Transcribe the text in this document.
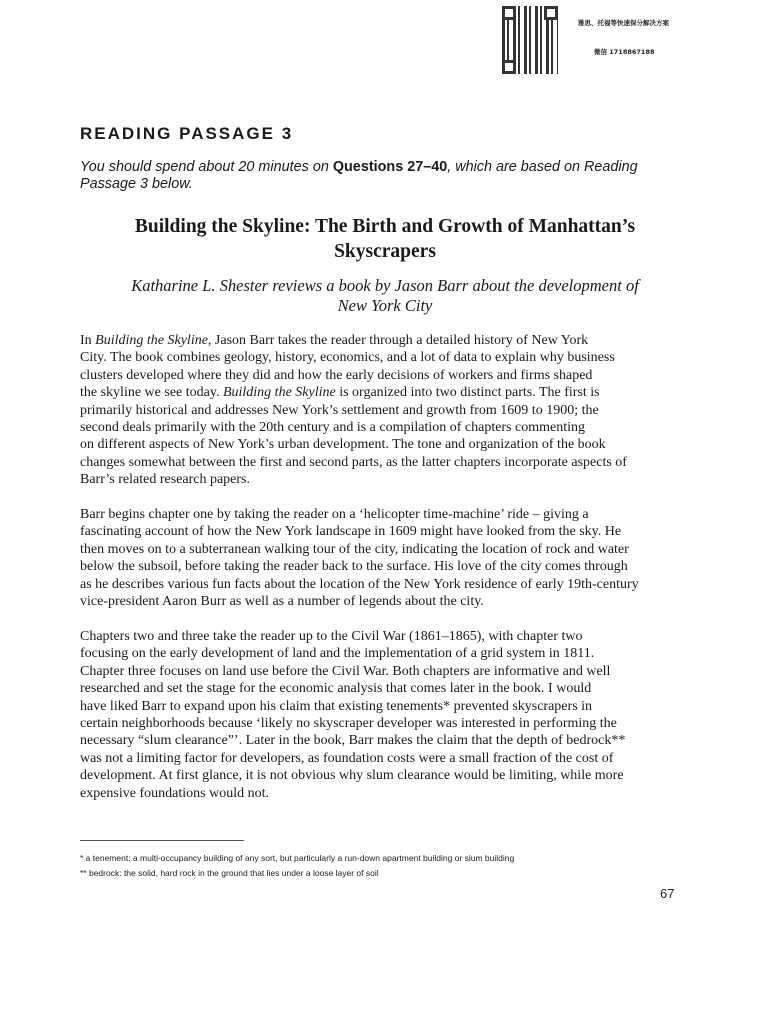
雅思、托福等快速保分解决方案
微信 1718867188
READING PASSAGE 3
You should spend about 20 minutes on Questions 27–40, which are based on Reading
Passage 3 below.
Building the Skyline: The Birth and Growth of Manhattan’s
Skyscrapers
Katharine L. Shester reviews a book by Jason Barr about the development of
New York City

In Building the Skyline, Jason Barr takes the reader through a detailed history of New York
City. The book combines geology, history, economics, and a lot of data to explain why business
clusters developed where they did and how the early decisions of workers and firms shaped
the skyline we see today. Building the Skyline is organized into two distinct parts. The first is
primarily historical and addresses New York’s settlement and growth from 1609 to 1900; the
second deals primarily with the 20th century and is a compilation of chapters commenting
on different aspects of New York’s urban development. The tone and organization of the book
changes somewhat between the first and second parts, as the latter chapters incorporate aspects of
Barr’s related research papers.

Barr begins chapter one by taking the reader on a ‘helicopter time-machine’ ride – giving a
fascinating account of how the New York landscape in 1609 might have looked from the sky. He
then moves on to a subterranean walking tour of the city, indicating the location of rock and water
below the subsoil, before taking the reader back to the surface. His love of the city comes through
as he describes various fun facts about the location of the New York residence of early 19th-century
vice-president Aaron Burr as well as a number of legends about the city.

Chapters two and three take the reader up to the Civil War (1861–1865), with chapter two
focusing on the early development of land and the implementation of a grid system in 1811.
Chapter three focuses on land use before the Civil War. Both chapters are informative and well
researched and set the stage for the economic analysis that comes later in the book. I would
have liked Barr to expand upon his claim that existing tenements* prevented skyscrapers in
certain neighborhoods because ‘likely no skyscraper developer was interested in performing the
necessary “slum clearance”’. Later in the book, Barr makes the claim that the depth of bedrock**
was not a limiting factor for developers, as foundation costs were a small fraction of the cost of
development. At first glance, it is not obvious why slum clearance would be limiting, while more
expensive foundations would not.

* a tenement: a multi-occupancy building of any sort, but particularly a run-down apartment building or slum building
** bedrock: the solid, hard rock in the ground that lies under a loose layer of soil
67
